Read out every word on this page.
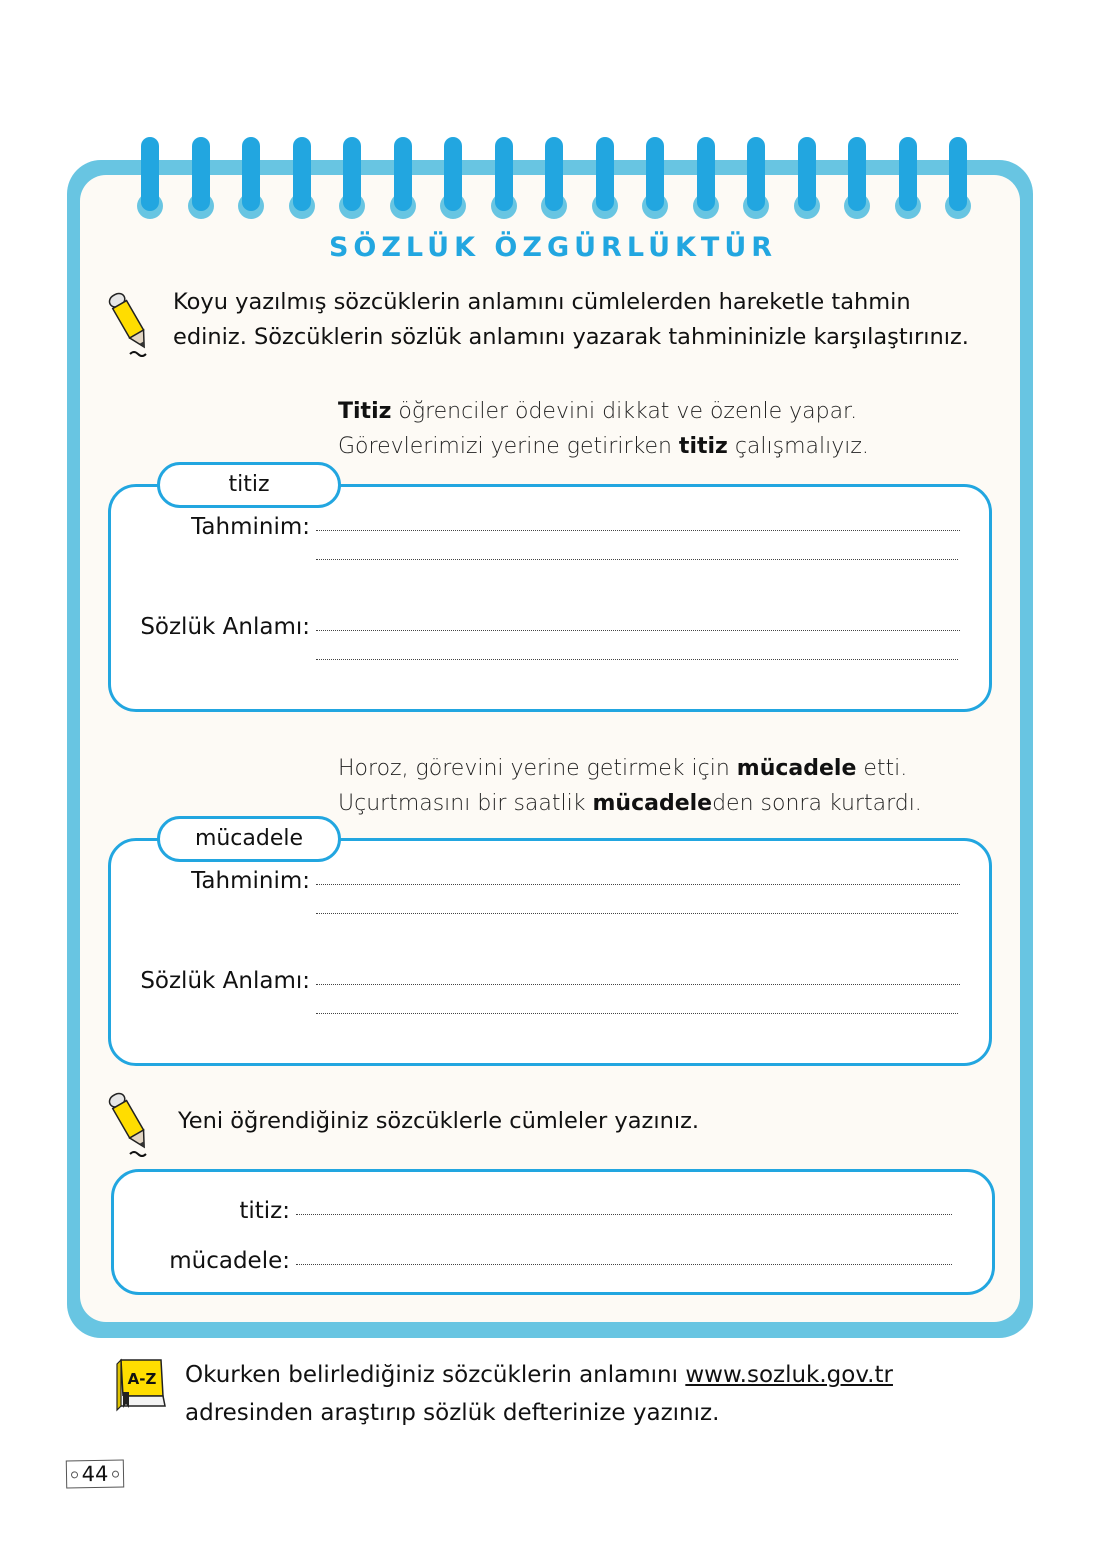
SÖZLÜK ÖZGÜRLÜKTÜR
Koyu yazılmış sözcüklerin anlamını cümlelerden hareketle tahmin
ediniz. Sözcüklerin sözlük anlamını yazarak tahmininizle karşılaştırınız.
Titiz öğrenciler ödevini dikkat ve özenle yapar.
Görevlerimizi yerine getirirken titiz çalışmalıyız.
titiz
Tahminim:
Sözlük Anlamı:
Horoz, görevini yerine getirmek için mücadele etti.
Uçurtmasını bir saatlik mücadeleden sonra kurtardı.
mücadele
Tahminim:
Sözlük Anlamı:
Yeni öğrendiğiniz sözcüklerle cümleler yazınız.
titiz:
mücadele:
A-Z Okurken belirlediğiniz sözcüklerin anlamını www.sozluk.gov.tr
adresinden araştırıp sözlük defterinize yazınız.
44
